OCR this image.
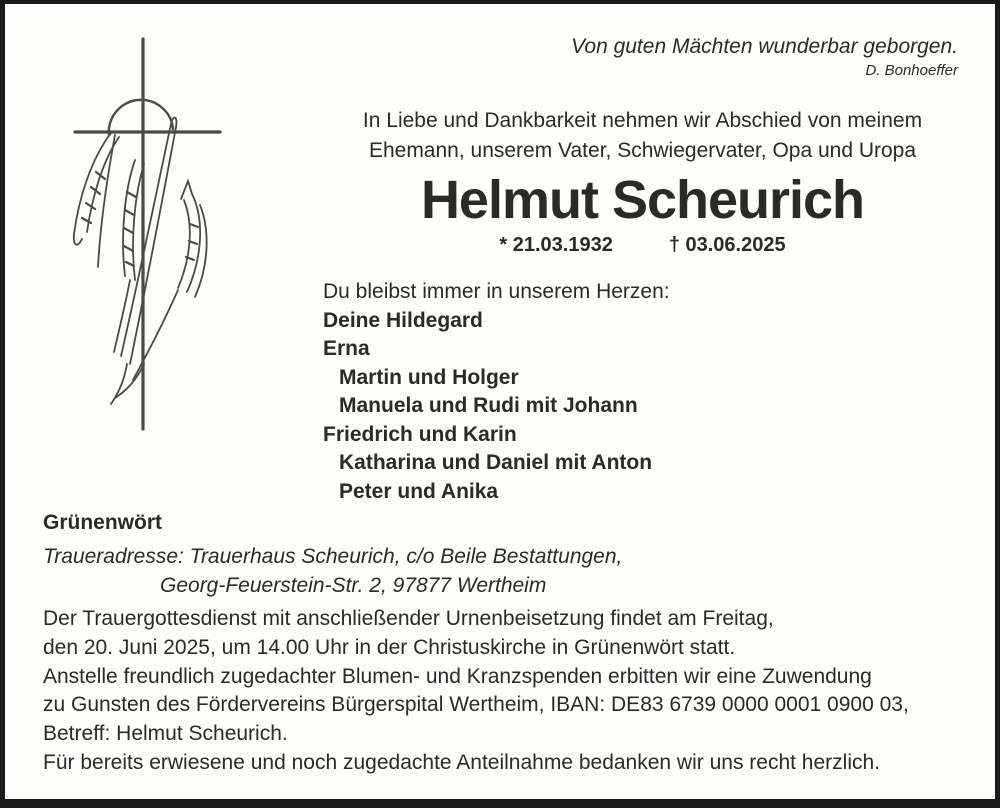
Von guten Mächten wunderbar geborgen.
D. Bonhoeffer
In Liebe und Dankbarkeit nehmen wir Abschied von meinem
Ehemann, unserem Vater, Schwiegervater, Opa und Uropa
Helmut Scheurich
* 21.03.1932	† 03.06.2025
Du bleibst immer in unserem Herzen:
Deine Hildegard
Erna
Martin und Holger
Manuela und Rudi mit Johann
Friedrich und Karin
Katharina und Daniel mit Anton
Peter und Anika
Grünenwört
Traueradresse: Trauerhaus Scheurich, c/o Beile Bestattungen,
Georg-Feuerstein-Str. 2, 97877 Wertheim
Der Trauergottesdienst mit anschließender Urnenbeisetzung findet am Freitag,
den 20. Juni 2025, um 14.00 Uhr in der Christuskirche in Grünenwört statt.
Anstelle freundlich zugedachter Blumen- und Kranzspenden erbitten wir eine Zuwendung
zu Gunsten des Fördervereins Bürgerspital Wertheim, IBAN: DE83 6739 0000 0001 0900 03,
Betreff: Helmut Scheurich.
Für bereits erwiesene und noch zugedachte Anteilnahme bedanken wir uns recht herzlich.
